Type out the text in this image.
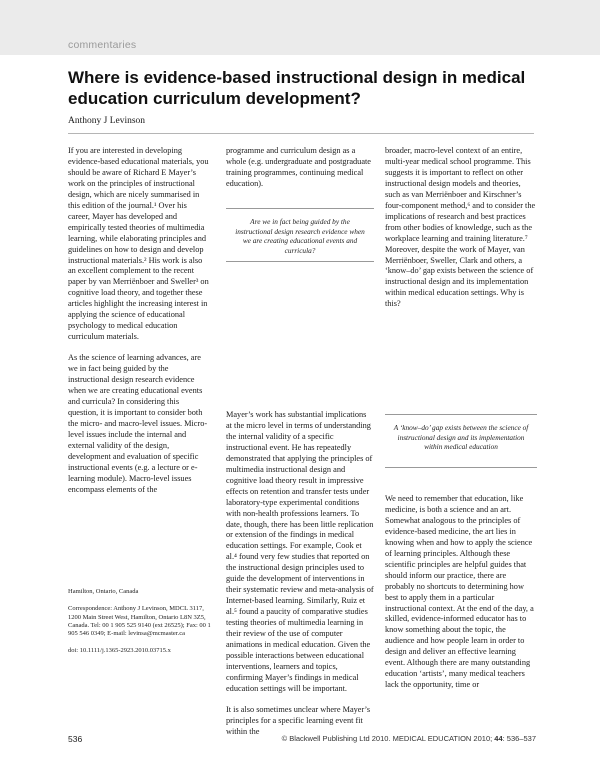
commentaries
Where is evidence-based instructional design in medical education curriculum development?
Anthony J Levinson

If you are interested in developing evidence-based educational materials, you should be aware of Richard E Mayer’s work on the principles of instructional design, which are nicely summarised in this edition of the journal.¹ Over his career, Mayer has developed and empirically tested theories of multimedia learning, while elaborating principles and guidelines on how to design and develop instructional materials.² His work is also an excellent complement to the recent paper by van Merriënboer and Sweller³ on cognitive load theory, and together these articles highlight the increasing interest in applying the science of educational psychology to medical education curriculum materials.

As the science of learning advances, are we in fact being guided by the instructional design research evidence when we are creating educational events and curricula? In considering this question, it is important to consider both the micro- and macro-level issues. Micro-level issues include the internal and external validity of the design, development and evaluation of specific instructional events (e.g. a lecture or e-learning module). Macro-level issues encompass elements of the

Hamilton, Ontario, Canada

Correspondence: Anthony J Levinson, MDCL 3117, 1200 Main Street West, Hamilton, Ontario L8N 3Z5, Canada. Tel: 00 1 905 525 9140 (ext 26525); Fax: 00 1 905 546 0349; E-mail: levinsa@mcmaster.ca

doi: 10.1111/j.1365-2923.2010.03715.x

programme and curriculum design as a whole (e.g. undergraduate and postgraduate training programmes, continuing medical education).

Are we in fact being guided by the instructional design research evidence when we are creating educational events and curricula?

Mayer’s work has substantial implications at the micro level in terms of understanding the internal validity of a specific instructional event. He has repeatedly demonstrated that applying the principles of multimedia instructional design and cognitive load theory result in impressive effects on retention and transfer tests under laboratory-type experimental conditions with non-health professions learners. To date, though, there has been little replication or extension of the findings in medical education settings. For example, Cook et al.⁴ found very few studies that reported on the instructional design principles used to guide the development of interventions in their systematic review and meta-analysis of Internet-based learning. Similarly, Ruiz et al.⁵ found a paucity of comparative studies testing theories of multimedia learning in their review of the use of computer animations in medical education. Given the possible interactions between educational interventions, learners and topics, confirming Mayer’s findings in medical education settings will be important.

It is also sometimes unclear where Mayer’s principles for a specific learning event fit within the

broader, macro-level context of an entire, multi-year medical school programme. This suggests it is important to reflect on other instructional design models and theories, such as van Merriënboer and Kirschner’s four-component method,⁶ and to consider the implications of research and best practices from other bodies of knowledge, such as the workplace learning and training literature.⁷ Moreover, despite the work of Mayer, van Merriënboer, Sweller, Clark and others, a ‘know–do’ gap exists between the science of instructional design and its implementation within medical education settings. Why is this?

A ‘know–do’ gap exists between the science of instructional design and its implementation within medical education

We need to remember that education, like medicine, is both a science and an art. Somewhat analogous to the principles of evidence-based medicine, the art lies in knowing when and how to apply the science of learning principles. Although these scientific principles are helpful guides that should inform our practice, there are probably no shortcuts to determining how best to apply them in a particular instructional context. At the end of the day, a skilled, evidence-informed educator has to know something about the topic, the audience and how people learn in order to design and deliver an effective learning event. Although there are many outstanding education ‘artists’, many medical teachers lack the opportunity, time or

536	© Blackwell Publishing Ltd 2010. MEDICAL EDUCATION 2010; 44: 536–537
